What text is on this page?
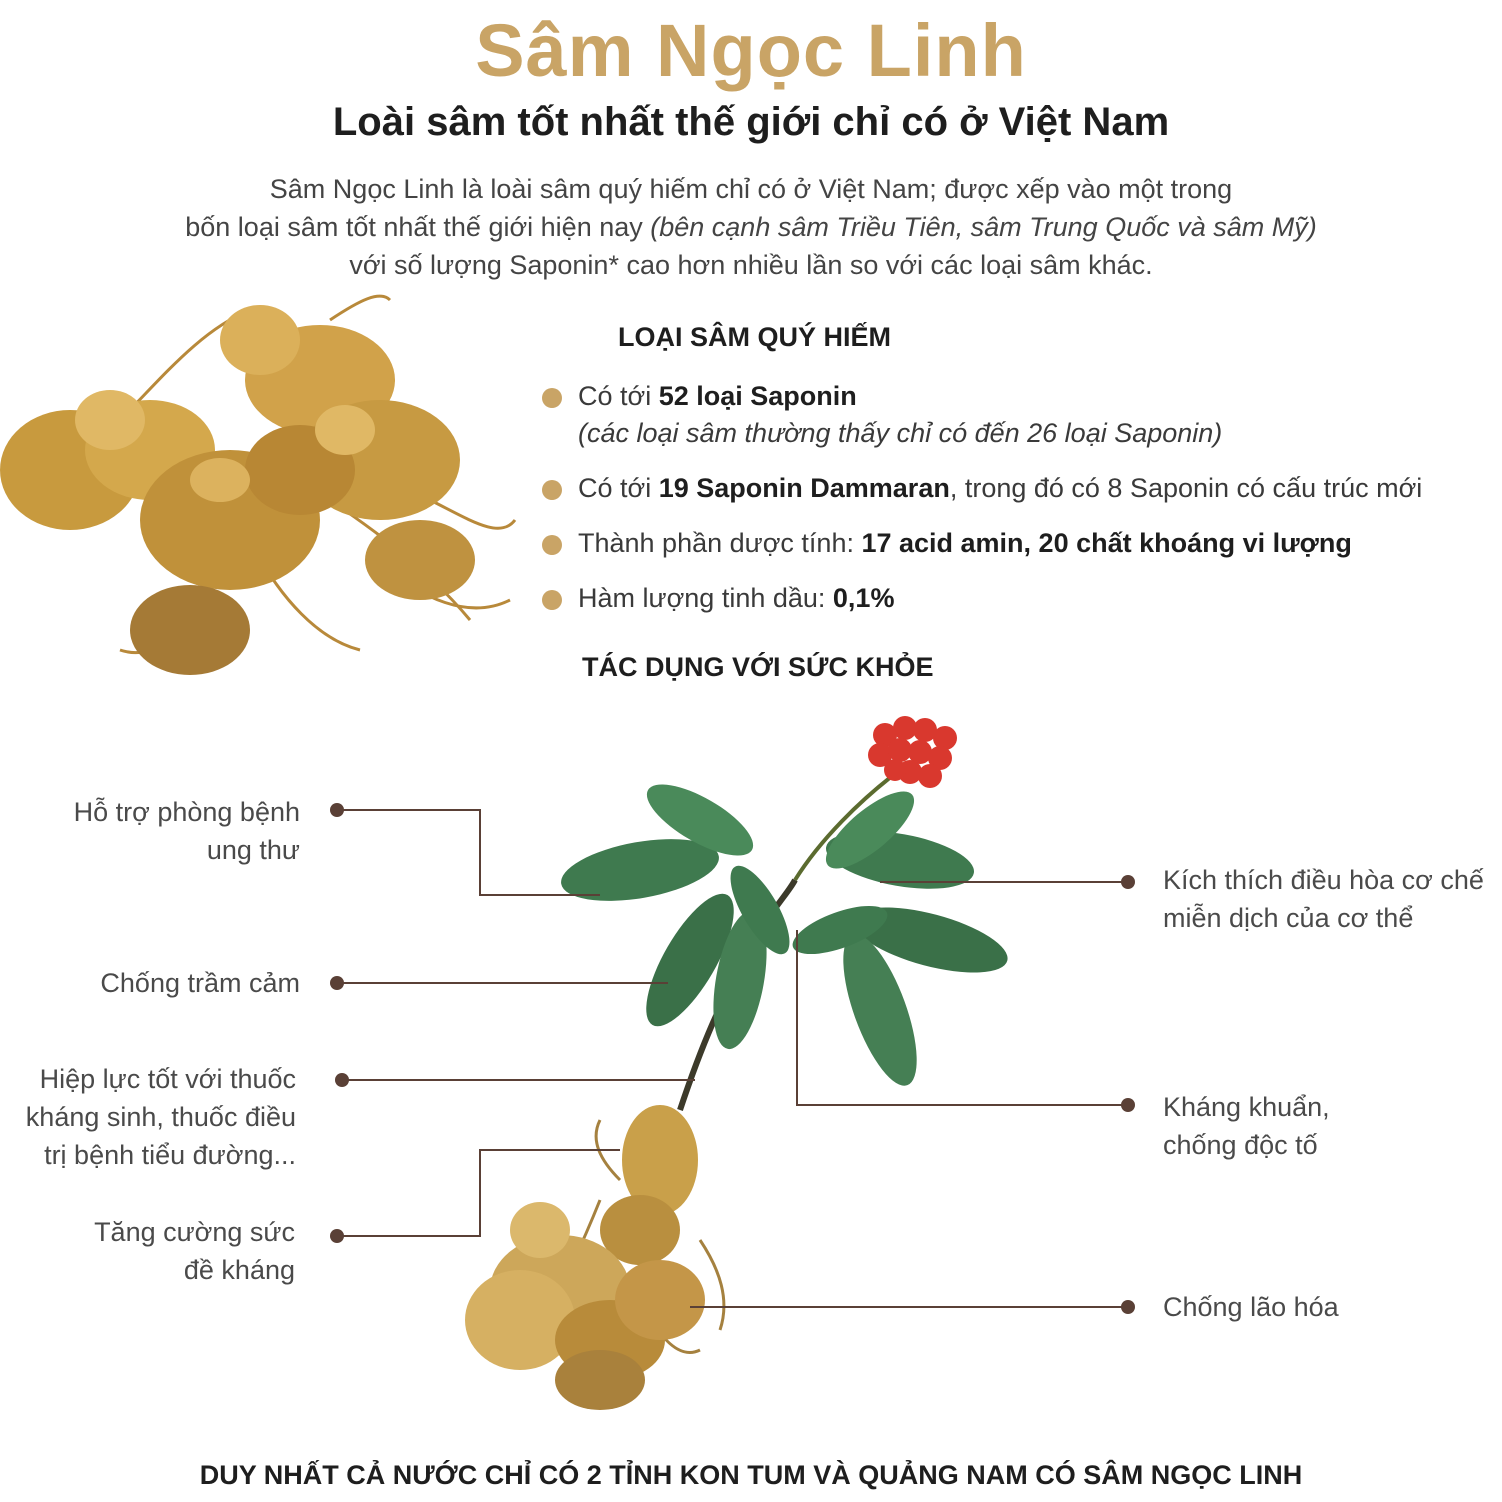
Sâm Ngọc Linh
Loài sâm tốt nhất thế giới chỉ có ở Việt Nam
Sâm Ngọc Linh là loài sâm quý hiếm chỉ có ở Việt Nam; được xếp vào một trong
bốn loại sâm tốt nhất thế giới hiện nay (bên cạnh sâm Triều Tiên, sâm Trung Quốc và sâm Mỹ)
với số lượng Saponin* cao hơn nhiều lần so với các loại sâm khác.
LOẠI SÂM QUÝ HIẾM
Có tới 52 loại Saponin
(các loại sâm thường thấy chỉ có đến 26 loại Saponin)
Có tới 19 Saponin Dammaran, trong đó có 8 Saponin có cấu trúc mới
Thành phần dược tính: 17 acid amin, 20 chất khoáng vi lượng
Hàm lượng tinh dầu: 0,1%
TÁC DỤNG VỚI SỨC KHỎE
Hỗ trợ phòng bệnh
ung thư
Chống trầm cảm
Hiệp lực tốt với thuốc
kháng sinh, thuốc điều
trị bệnh tiểu đường...
Tăng cường sức
đề kháng
Kích thích điều hòa cơ chế
miễn dịch của cơ thể
Kháng khuẩn,
chống độc tố
Chống lão hóa
DUY NHẤT CẢ NƯỚC CHỈ CÓ 2 TỈNH KON TUM VÀ QUẢNG NAM CÓ SÂM NGỌC LINH
